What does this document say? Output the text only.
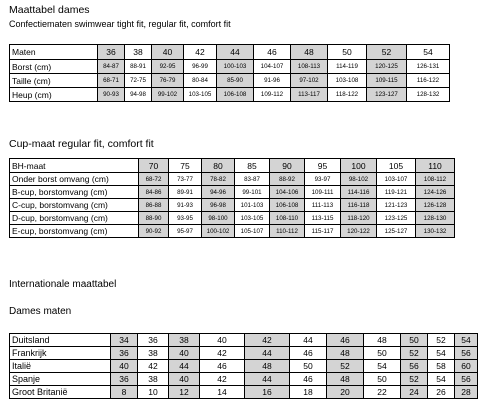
Maattabel dames
Confectiematen swimwear tight fit, regular fit, comfort fit
Maten	36	38	40	42	44	46	48	50	52	54
Borst (cm)	84-87	88-91	92-95	96-99	100-103	104-107	108-113	114-119	120-125	126-131
Taille (cm)	68-71	72-75	76-79	80-84	85-90	91-96	97-102	103-108	109-115	116-122
Heup (cm)	90-93	94-98	99-102	103-105	106-108	109-112	113-117	118-122	123-127	128-132
Cup-maat regular fit, comfort fit
BH-maat	70	75	80	85	90	95	100	105	110
Onder borst omvang (cm)	68-72	73-77	78-82	83-87	88-92	93-97	98-102	103-107	108-112
B-cup, borstomvang (cm)	84-86	89-91	94-96	99-101	104-106	109-111	114-116	119-121	124-126
C-cup, borstomvang (cm)	86-88	91-93	96-98	101-103	106-108	111-113	116-118	121-123	126-128
D-cup, borstomvang (cm)	88-90	93-95	98-100	103-105	108-110	113-115	118-120	123-125	128-130
E-cup, borstomvang (cm)	90-92	95-97	100-102	105-107	110-112	115-117	120-122	125-127	130-132
Internationale maattabel
Dames maten
Duitsland	34	36	38	40	42	44	46	48	50	52	54
Frankrijk	36	38	40	42	44	46	48	50	52	54	56
Italië	40	42	44	46	48	50	52	54	56	58	60
Spanje	36	38	40	42	44	46	48	50	52	54	56
Groot Britanië	8	10	12	14	16	18	20	22	24	26	28
